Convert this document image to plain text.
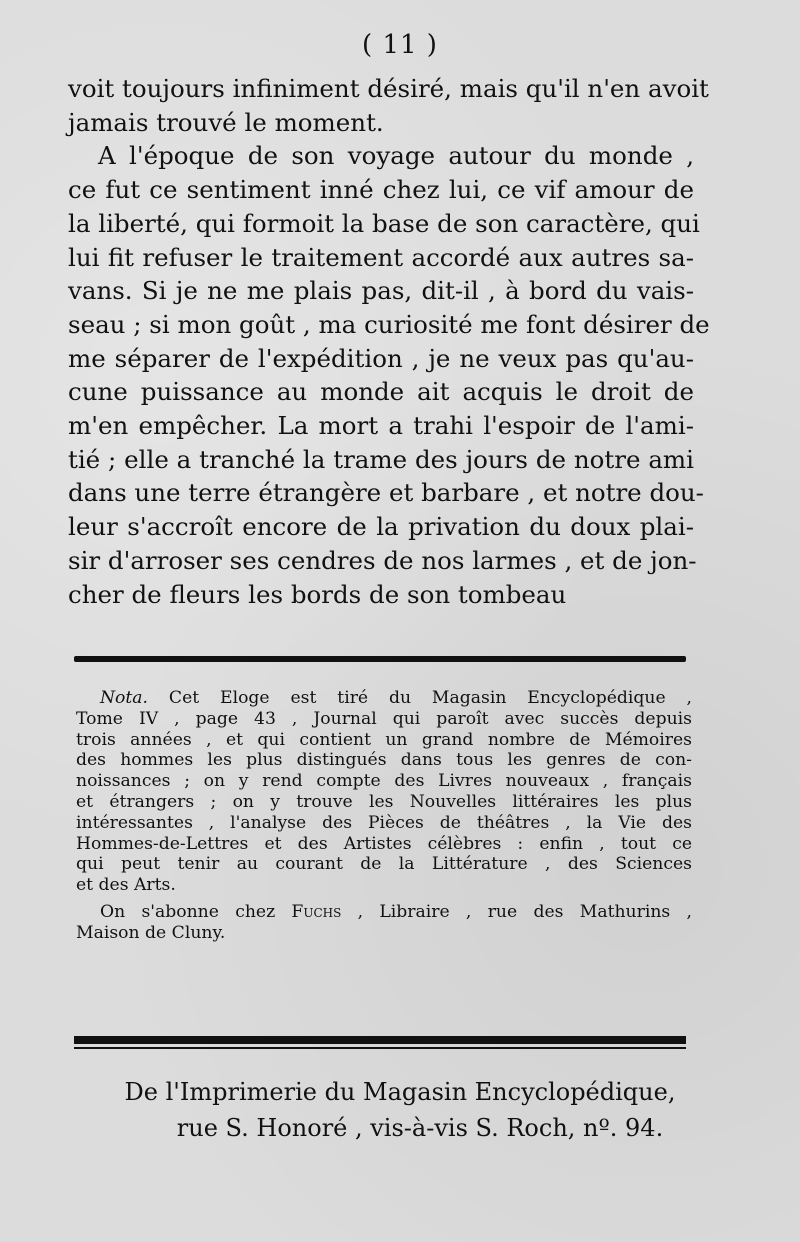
( 11 )
voit toujours infiniment désiré, mais qu'il n'en avoit
jamais trouvé le moment.
A l'époque de son voyage autour du monde ,
ce fut ce sentiment inné chez lui, ce vif amour de
la liberté, qui formoit la base de son caractère, qui
lui fit refuser le traitement accordé aux autres sa-
vans. Si je ne me plais pas, dit-il , à bord du vais-
seau ; si mon goût , ma curiosité me font désirer de
me séparer de l'expédition , je ne veux pas qu'au-
cune puissance au monde ait acquis le droit de
m'en empêcher. La mort a trahi l'espoir de l'ami-
tié ; elle a tranché la trame des jours de notre ami
dans une terre étrangère et barbare , et notre dou-
leur s'accroît encore de la privation du doux plai-
sir d'arroser ses cendres de nos larmes , et de jon-
cher de fleurs les bords de son tombeau
Nota. Cet Eloge est tiré du Magasin Encyclopédique ,
Tome IV , page 43 , Journal qui paroît avec succès depuis
trois années , et qui contient un grand nombre de Mémoires
des hommes les plus distingués dans tous les genres de con-
noissances ; on y rend compte des Livres nouveaux , français
et étrangers ; on y trouve les Nouvelles littéraires les plus
intéressantes , l'analyse des Pièces de théâtres , la Vie des
Hommes-de-Lettres et des Artistes célèbres : enfin , tout ce
qui peut tenir au courant de la Littérature , des Sciences
et des Arts.
On s'abonne chez Fuchs , Libraire , rue des Mathurins ,
Maison de Cluny.
De l'Imprimerie du Magasin Encyclopédique,
rue S. Honoré , vis-à-vis S. Roch, nº. 94.
